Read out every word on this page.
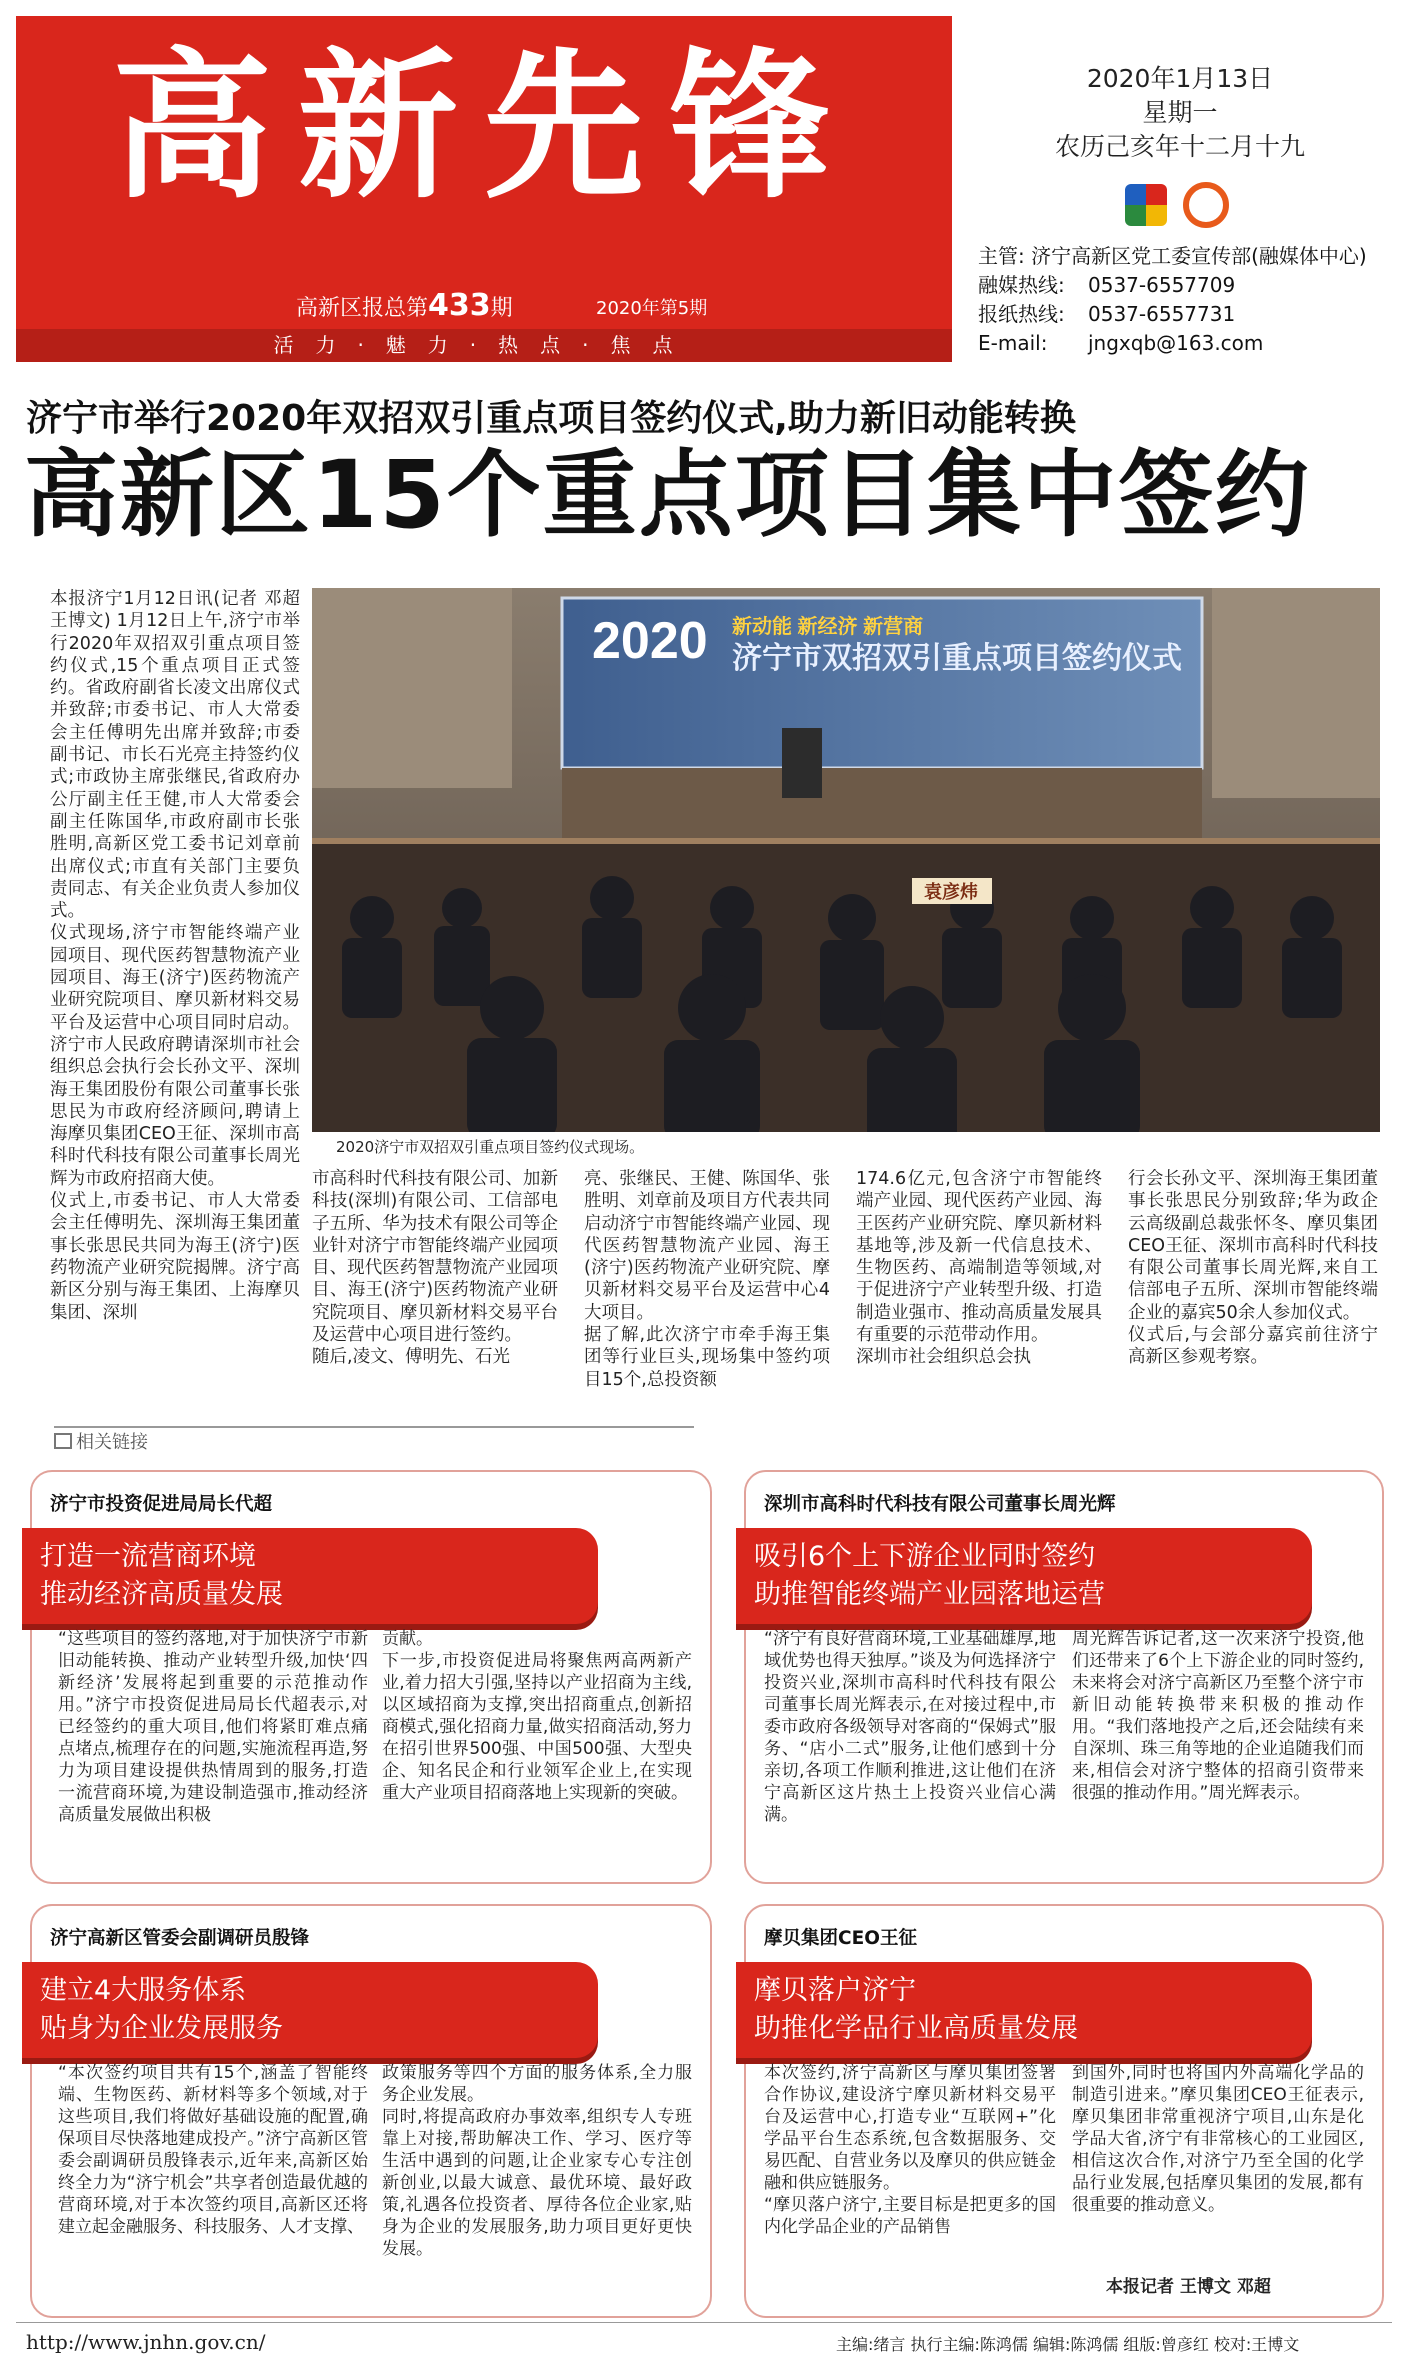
高新先锋
高新区报总第433期	2020年第5期
活力·魅力·热点·焦点
2020年1月13日
星期一
农历己亥年十二月十九
主管: 济宁高新区党工委宣传部(融媒体中心)
融媒热线: 0537-6557709
报纸热线: 0537-6557731
E-mail: jngxqb@163.com
济宁市举行2020年双招双引重点项目签约仪式,助力新旧动能转换
高新区15个重点项目集中签约
本报济宁1月12日讯(记者 邓超 王博文) 1月12日上午,济宁市举行2020年双招双引重点项目签约仪式,15个重点项目正式签约。省政府副省长凌文出席仪式并致辞;市委书记、市人大常委会主任傅明先出席并致辞;市委副书记、市长石光亮主持签约仪式;市政协主席张继民,省政府办公厅副主任王健,市人大常委会副主任陈国华,市政府副市长张胜明,高新区党工委书记刘章前出席仪式;市直有关部门主要负责同志、有关企业负责人参加仪式。
仪式现场,济宁市智能终端产业园项目、现代医药智慧物流产业园项目、海王(济宁)医药物流产业研究院项目、摩贝新材料交易平台及运营中心项目同时启动。济宁市人民政府聘请深圳市社会组织总会执行会长孙文平、深圳海王集团股份有限公司董事长张思民为市政府经济顾问,聘请上海摩贝集团CEO王征、深圳市高科时代科技有限公司董事长周光辉为市政府招商大使。
仪式上,市委书记、市人大常委会主任傅明先、深圳海王集团董事长张思民共同为海王(济宁)医药物流产业研究院揭牌。济宁高新区分别与海王集团、上海摩贝集团、深圳
2020 新动能 新经济 新营商
济宁市双招双引重点项目签约仪式
袁彦炜
2020济宁市双招双引重点项目签约仪式现场。
市高科时代科技有限公司、加新科技(深圳)有限公司、工信部电子五所、华为技术有限公司等企业针对济宁市智能终端产业园项目、现代医药智慧物流产业园项目、海王(济宁)医药物流产业研究院项目、摩贝新材料交易平台及运营中心项目进行签约。
随后,凌文、傅明先、石光
亮、张继民、王健、陈国华、张胜明、刘章前及项目方代表共同启动济宁市智能终端产业园、现代医药智慧物流产业园、海王(济宁)医药物流产业研究院、摩贝新材料交易平台及运营中心4大项目。
据了解,此次济宁市牵手海王集团等行业巨头,现场集中签约项目15个,总投资额
174.6亿元,包含济宁市智能终端产业园、现代医药产业园、海王医药产业研究院、摩贝新材料基地等,涉及新一代信息技术、生物医药、高端制造等领域,对于促进济宁产业转型升级、打造制造业强市、推动高质量发展具有重要的示范带动作用。
深圳市社会组织总会执
行会长孙文平、深圳海王集团董事长张思民分别致辞;华为政企云高级副总裁张怀冬、摩贝集团CEO王征、深圳市高科时代科技有限公司董事长周光辉,来自工信部电子五所、深圳市智能终端企业的嘉宾50余人参加仪式。
仪式后,与会部分嘉宾前往济宁高新区参观考察。
相关链接
济宁市投资促进局局长代超
打造一流营商环境
推动经济高质量发展
“这些项目的签约落地,对于加快济宁市新旧动能转换、推动产业转型升级,加快‘四新经济’发展将起到重要的示范推动作用。”济宁市投资促进局局长代超表示,对已经签约的重大项目,他们将紧盯难点痛点堵点,梳理存在的问题,实施流程再造,努力为项目建设提供热情周到的服务,打造一流营商环境,为建设制造强市,推动经济高质量发展做出积极
贡献。
下一步,市投资促进局将聚焦两高两新产业,着力招大引强,坚持以产业招商为主线,以区域招商为支撑,突出招商重点,创新招商模式,强化招商力量,做实招商活动,努力在招引世界500强、中国500强、大型央企、知名民企和行业领军企业上,在实现重大产业项目招商落地上实现新的突破。
深圳市高科时代科技有限公司董事长周光辉
吸引6个上下游企业同时签约
助推智能终端产业园落地运营
“济宁有良好营商环境,工业基础雄厚,地域优势也得天独厚。”谈及为何选择济宁投资兴业,深圳市高科时代科技有限公司董事长周光辉表示,在对接过程中,市委市政府各级领导对客商的“保姆式”服务、“店小二式”服务,让他们感到十分亲切,各项工作顺利推进,这让他们在济宁高新区这片热土上投资兴业信心满满。
周光辉告诉记者,这一次来济宁投资,他们还带来了6个上下游企业的同时签约,未来将会对济宁高新区乃至整个济宁市新旧动能转换带来积极的推动作用。“我们落地投产之后,还会陆续有来自深圳、珠三角等地的企业追随我们而来,相信会对济宁整体的招商引资带来很强的推动作用。”周光辉表示。
济宁高新区管委会副调研员殷锋
建立4大服务体系
贴身为企业发展服务
“本次签约项目共有15个,涵盖了智能终端、生物医药、新材料等多个领域,对于这些项目,我们将做好基础设施的配置,确保项目尽快落地建成投产。”济宁高新区管委会副调研员殷锋表示,近年来,高新区始终全力为“济宁机会”共享者创造最优越的营商环境,对于本次签约项目,高新区还将建立起金融服务、科技服务、人才支撑、
政策服务等四个方面的服务体系,全力服务企业发展。
同时,将提高政府办事效率,组织专人专班靠上对接,帮助解决工作、学习、医疗等生活中遇到的问题,让企业家专心专注创新创业,以最大诚意、最优环境、最好政策,礼遇各位投资者、厚待各位企业家,贴身为企业的发展服务,助力项目更好更快发展。
摩贝集团CEO王征
摩贝落户济宁
助推化学品行业高质量发展
本次签约,济宁高新区与摩贝集团签署合作协议,建设济宁摩贝新材料交易平台及运营中心,打造专业“互联网+”化学品平台生态系统,包含数据服务、交易匹配、自营业务以及摩贝的供应链金融和供应链服务。
“摩贝落户济宁,主要目标是把更多的国内化学品企业的产品销售
到国外,同时也将国内外高端化学品的制造引进来。”摩贝集团CEO王征表示,摩贝集团非常重视济宁项目,山东是化学品大省,济宁有非常核心的工业园区,相信这次合作,对济宁乃至全国的化学品行业发展,包括摩贝集团的发展,都有很重要的推动意义。
本报记者 王博文 邓超
http://www.jnhn.gov.cn/	主编:绪言 执行主编:陈鸿儒 编辑:陈鸿儒 组版:曾彦红 校对:王博文
